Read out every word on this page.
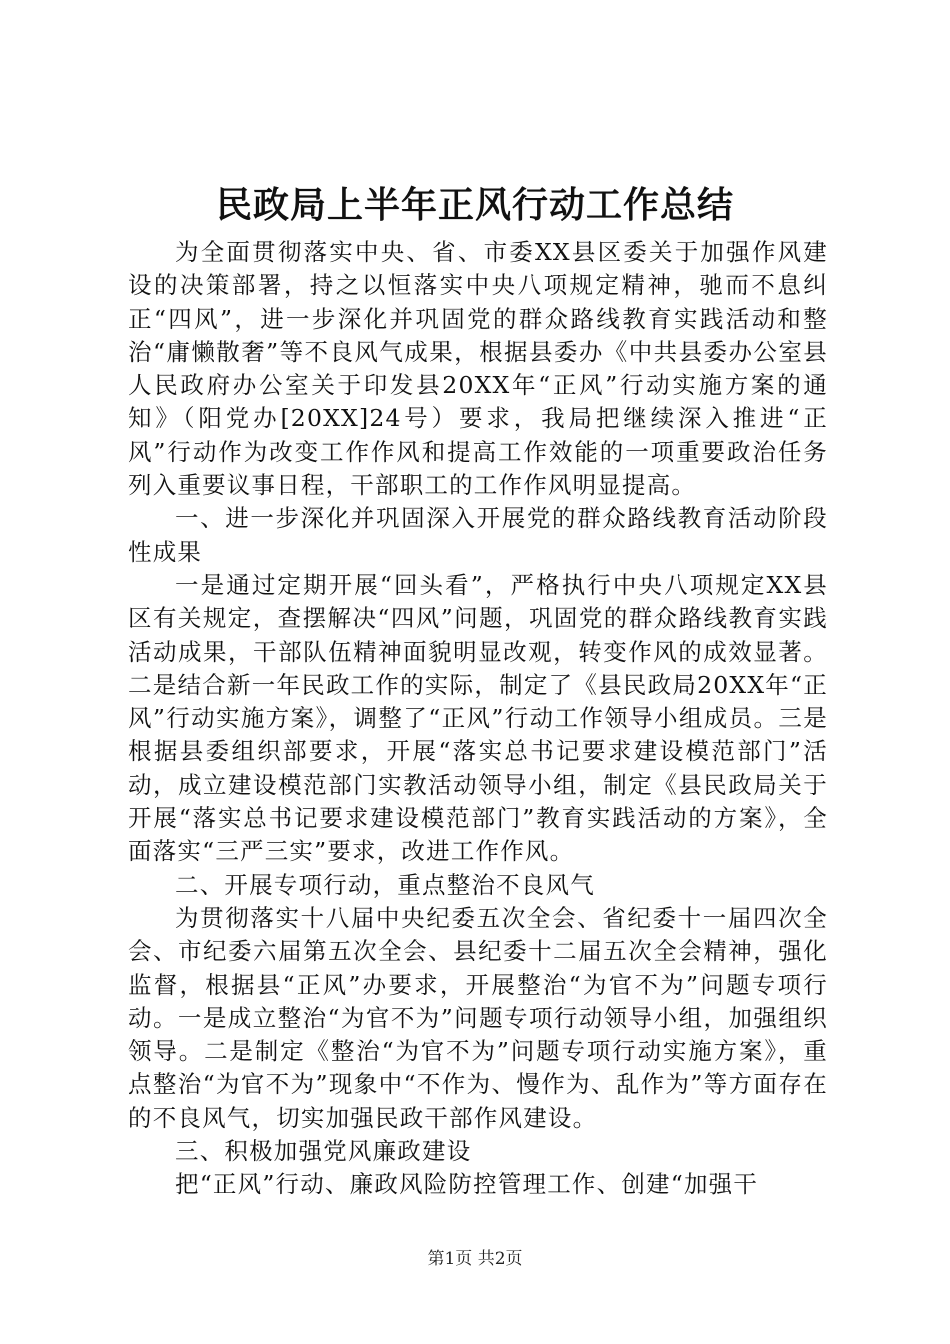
民政局上半年正风行动工作总结

为全面贯彻落实中央、省、市委XX县区委关于加强作风建设的决策部署，持之以恒落实中央八项规定精神，驰而不息纠正“四风”，进一步深化并巩固党的群众路线教育实践活动和整治“庸懒散奢”等不良风气成果，根据县委办《中共县委办公室县人民政府办公室关于印发县20XX年“正风”行动实施方案的通知》（阳党办[20XX]24号）要求，我局把继续深入推进“正风”行动作为改变工作作风和提高工作效能的一项重要政治任务列入重要议事日程，干部职工的工作作风明显提高。

一、进一步深化并巩固深入开展党的群众路线教育活动阶段性成果

一是通过定期开展“回头看”，严格执行中央八项规定XX县区有关规定，查摆解决“四风”问题，巩固党的群众路线教育实践活动成果，干部队伍精神面貌明显改观，转变作风的成效显著。二是结合新一年民政工作的实际，制定了《县民政局20XX年“正风”行动实施方案》，调整了“正风”行动工作领导小组成员。三是根据县委组织部要求，开展“落实总书记要求建设模范部门”活动，成立建设模范部门实教活动领导小组，制定《县民政局关于开展“落实总书记要求建设模范部门”教育实践活动的方案》，全面落实“三严三实”要求，改进工作作风。

二、开展专项行动，重点整治不良风气

为贯彻落实十八届中央纪委五次全会、省纪委十一届四次全会、市纪委六届第五次全会、县纪委十二届五次全会精神，强化监督，根据县“正风”办要求，开展整治“为官不为”问题专项行动。一是成立整治“为官不为”问题专项行动领导小组，加强组织领导。二是制定《整治“为官不为”问题专项行动实施方案》，重点整治“为官不为”现象中“不作为、慢作为、乱作为”等方面存在的不良风气，切实加强民政干部作风建设。

三、积极加强党风廉政建设

把“正风”行动、廉政风险防控管理工作、创建“加强干

第1页 共2页
